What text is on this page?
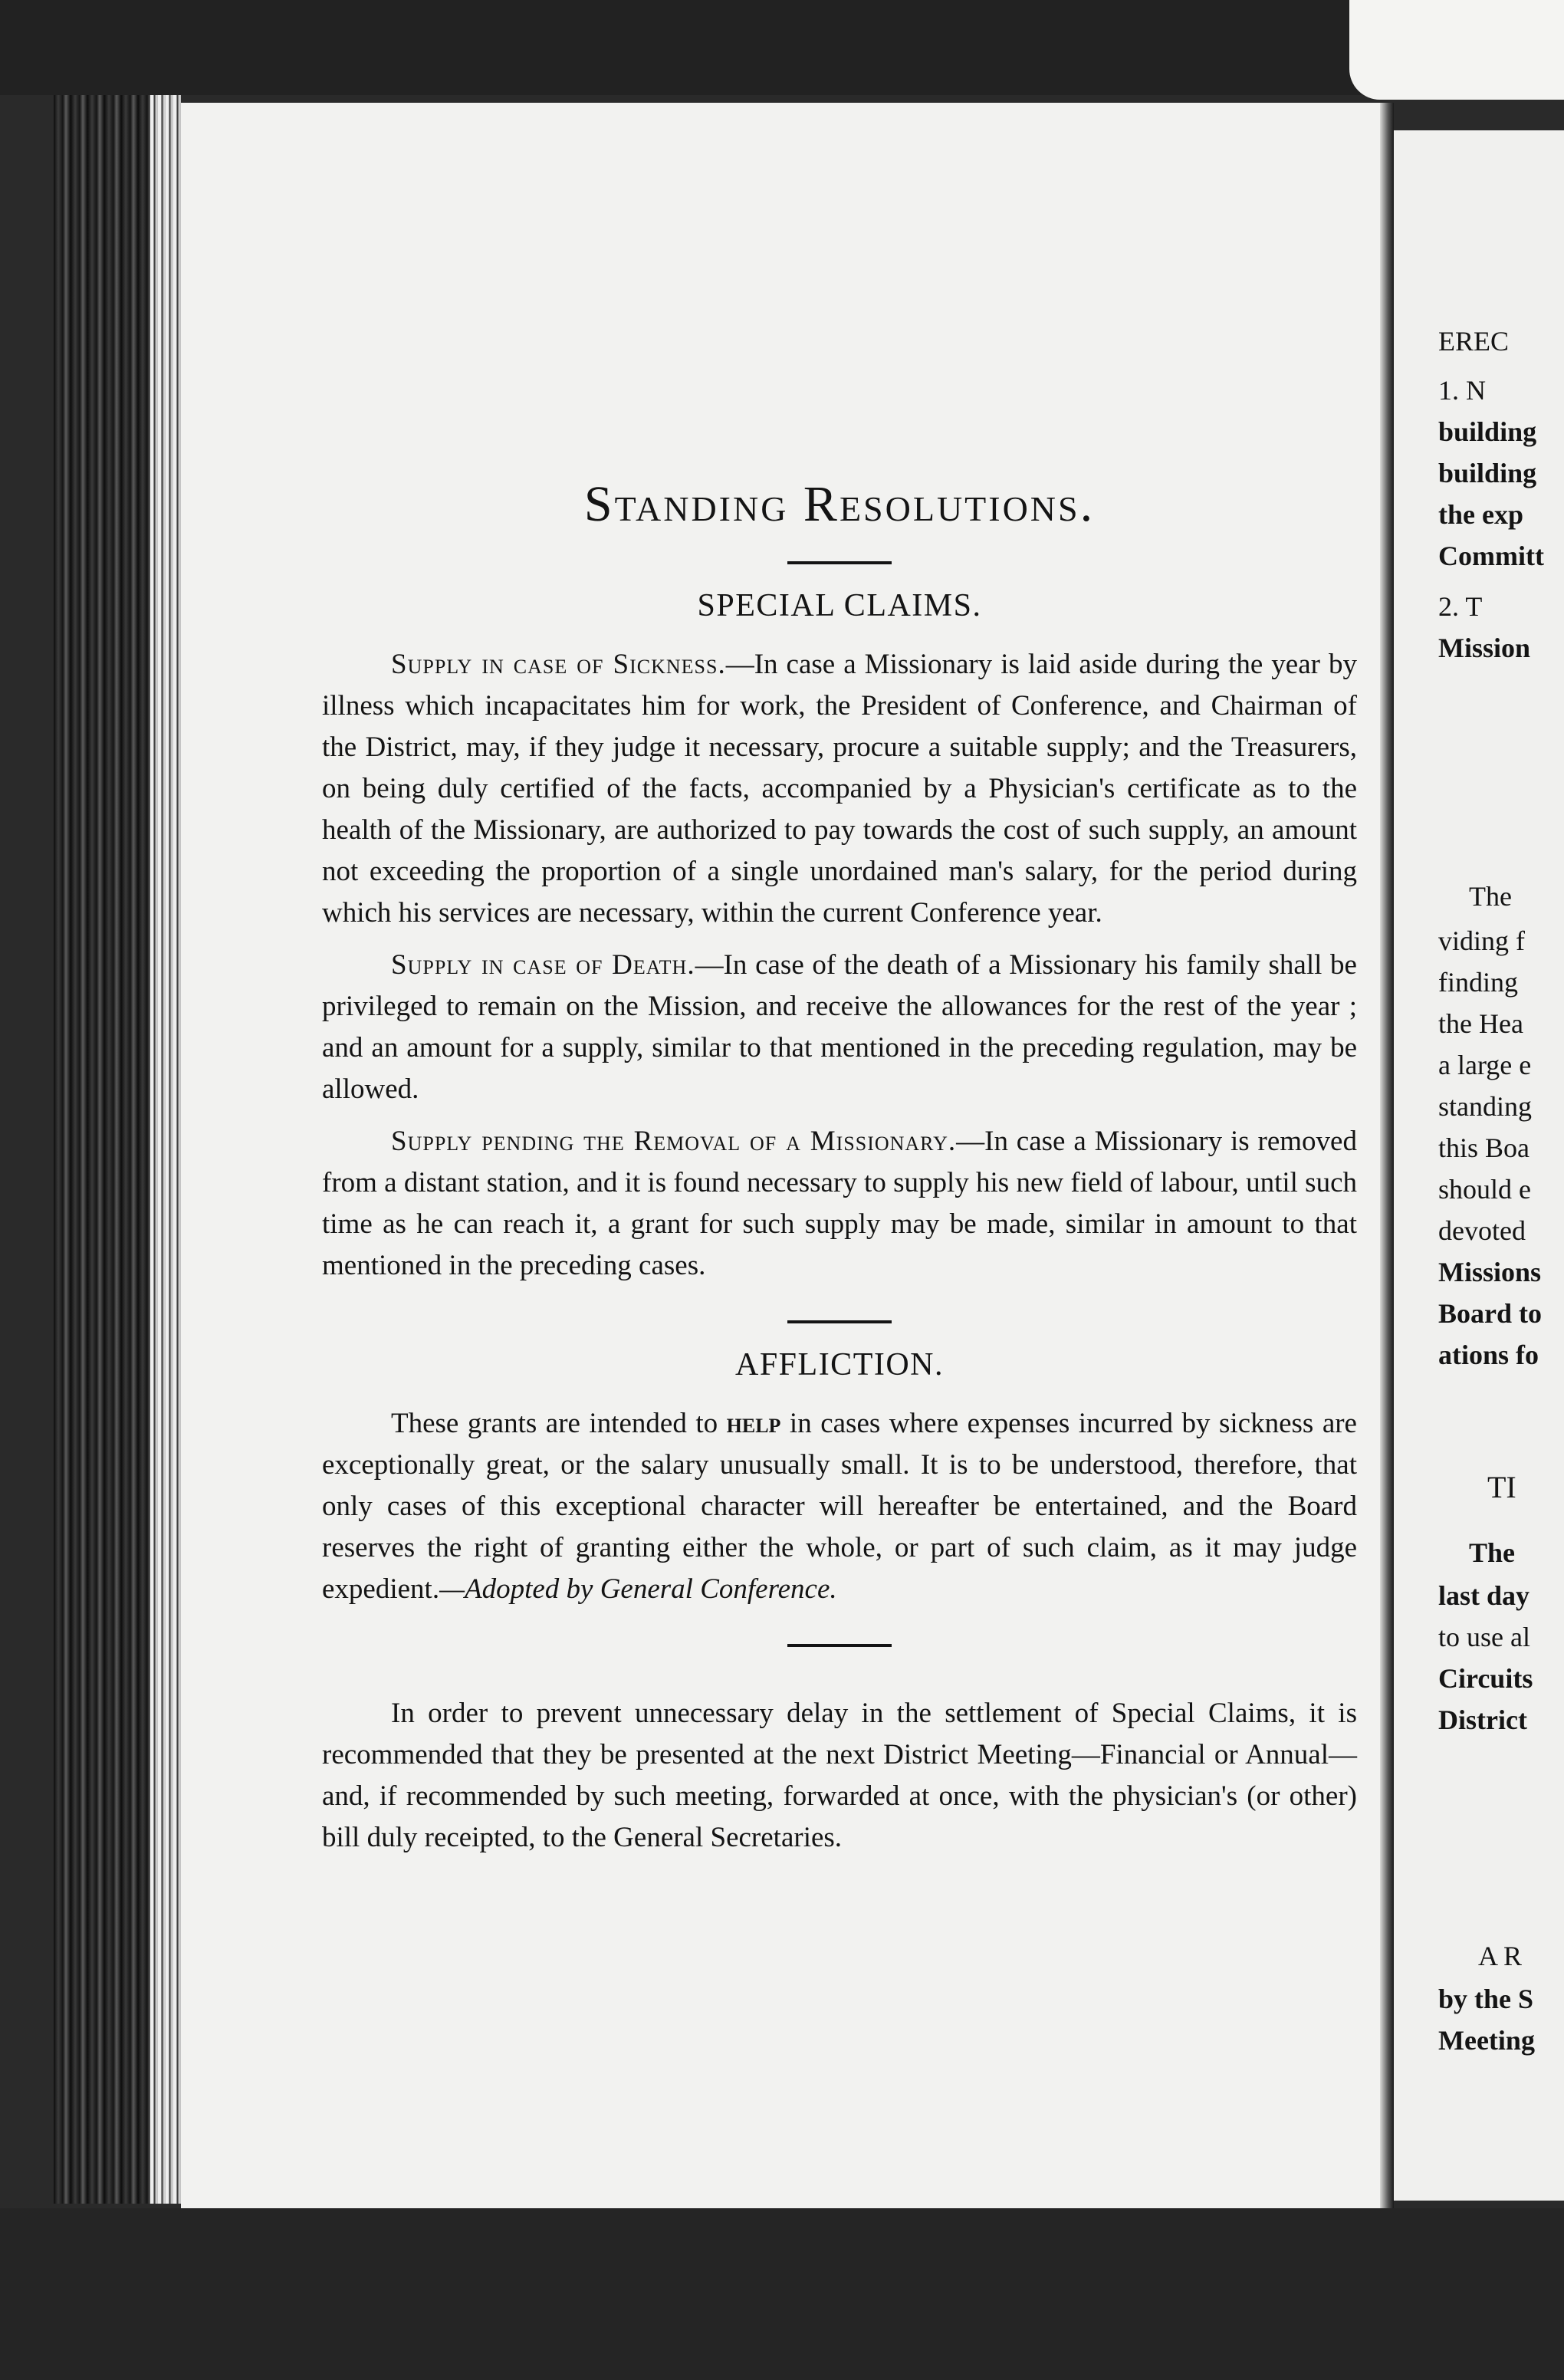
EREC
1. N
building
building
the exp
Committ
2. T
Mission
The
viding f
finding
the Hea
a large e
standing
this Boa
should e
devoted
Missions
Board to
ations fo
TI
The
last day
to use al
Circuits
District
A R
by the S
Meeting
Standing Resolutions.
SPECIAL CLAIMS.

Supply in case of Sickness.—In case a Missionary is laid aside during the year by illness which incapacitates him for work, the President of Conference, and Chairman of the District, may, if they judge it necessary, procure a suitable supply; and the Treasurers, on being duly certified of the facts, accompanied by a Physician's certificate as to the health of the Missionary, are authorized to pay towards the cost of such supply, an amount not exceeding the proportion of a single unordained man's salary, for the period during which his services are necessary, within the current Conference year.

Supply in case of Death.—In case of the death of a Missionary his family shall be privileged to remain on the Mission, and receive the allowances for the rest of the year ; and an amount for a supply, similar to that mentioned in the preceding regulation, may be allowed.

Supply pending the Removal of a Missionary.—In case a Missionary is removed from a distant station, and it is found necessary to supply his new field of labour, until such time as he can reach it, a grant for such supply may be made, similar in amount to that mentioned in the preceding cases.

AFFLICTION.

These grants are intended to help in cases where expenses incurred by sickness are exceptionally great, or the salary unusually small. It is to be understood, therefore, that only cases of this exceptional character will hereafter be entertained, and the Board reserves the right of granting either the whole, or part of such claim, as it may judge expedient.—Adopted by General Conference.

In order to prevent unnecessary delay in the settlement of Special Claims, it is recommended that they be presented at the next District Meeting—Financial or Annual—and, if recommended by such meeting, forwarded at once, with the physician's (or other) bill duly receipted, to the General Secretaries.
